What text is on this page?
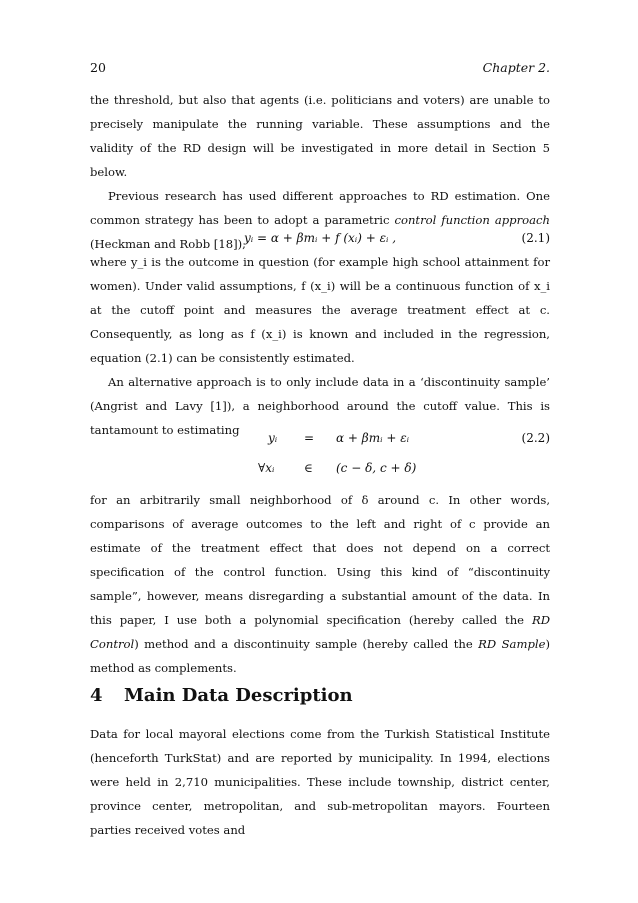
20	Chapter 2.

the threshold, but also that agents (i.e. politicians and voters) are unable to precisely manipulate the running variable. These assumptions and the validity of the RD design will be investigated in more detail in Section 5 below.

Previous research has used different approaches to RD estimation. One common strategy has been to adopt a parametric control function approach (Heckman and Robb [18]),

yᵢ = α + βmᵢ + f (xᵢ) + εᵢ ,	(2.1)

where y_i is the outcome in question (for example high school attainment for women). Under valid assumptions, f (x_i) will be a continuous function of x_i at the cutoff point and measures the average treatment effect at c. Consequently, as long as f (x_i) is known and included in the regression, equation (2.1) can be consistently estimated.

An alternative approach is to only include data in a ‘discontinuity sample’ (Angrist and Lavy [1]), a neighborhood around the cutoff value. This is tantamount to estimating

yᵢ = α + βmᵢ + εᵢ	(2.2)
∀xᵢ ∈ (c − δ, c + δ)

for an arbitrarily small neighborhood of δ around c. In other words, comparisons of average outcomes to the left and right of c provide an estimate of the treatment effect that does not depend on a correct specification of the control function. Using this kind of “discontinuity sample”, however, means disregarding a substantial amount of the data. In this paper, I use both a polynomial specification (hereby called the RD Control) method and a discontinuity sample (hereby called the RD Sample) method as complements.

4 Main Data Description

Data for local mayoral elections come from the Turkish Statistical Institute (henceforth TurkStat) and are reported by municipality. In 1994, elections were held in 2,710 municipalities. These include township, district center, province center, metropolitan, and sub-metropolitan mayors. Fourteen parties received votes and
